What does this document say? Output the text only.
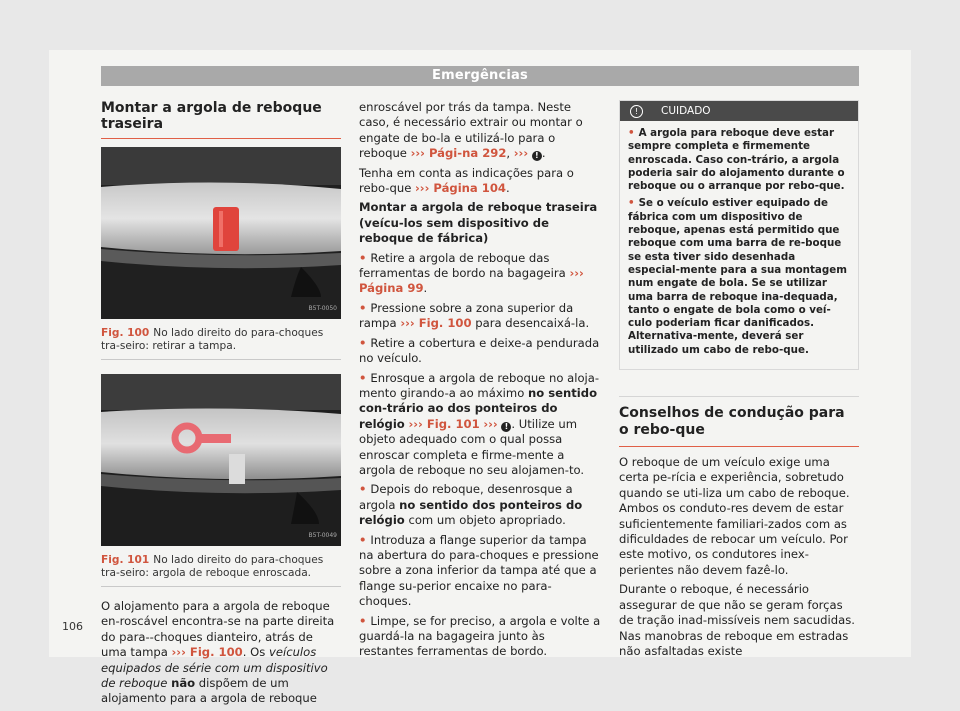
Emergências
Montar a argola de reboque traseira
B5T-0050

Fig. 100 No lado direito do para-choques tra-seiro: retirar a tampa.

B5T-0049

Fig. 101 No lado direito do para-choques tra-seiro: argola de reboque enroscada.

O alojamento para a argola de reboque en-roscável encontra-se na parte direita do para--choques dianteiro, atrás de uma tampa ››› Fig. 100. Os veículos equipados de série com um dispositivo de reboque não dispõem de um alojamento para a argola de reboque

enroscável por trás da tampa. Neste caso, é necessário extrair ou montar o engate de bo-la e utilizá-lo para o reboque ››› Pági-na 292, ››› ! .

Tenha em conta as indicações para o rebo-que ››› Página 104.

Montar a argola de reboque traseira (veícu-los sem dispositivo de reboque de fábrica)

• Retire a argola de reboque das ferramentas de bordo na bagageira ››› Página 99.

• Pressione sobre a zona superior da rampa ››› Fig. 100 para desencaixá-la.

• Retire a cobertura e deixe-a pendurada no veículo.

• Enrosque a argola de reboque no aloja-mento girando-a ao máximo no sentido con-trário ao dos ponteiros do relógio ››› Fig. 101 ››› ! . Utilize um objeto adequado com o qual possa enroscar completa e firme-mente a argola de reboque no seu alojamen-to.

• Depois do reboque, desenrosque a argola no sentido dos ponteiros do relógio com um objeto apropriado.

• Introduza a flange superior da tampa na abertura do para-choques e pressione sobre a zona inferior da tampa até que a flange su-perior encaixe no para-choques.

• Limpe, se for preciso, a argola e volte a guardá-la na bagageira junto às restantes ferramentas de bordo.

! CUIDADO

• A argola para reboque deve estar sempre completa e firmemente enroscada. Caso con-trário, a argola poderia sair do alojamento durante o reboque ou o arranque por rebo-que.

• Se o veículo estiver equipado de fábrica com um dispositivo de reboque, apenas está permitido que reboque com uma barra de re-boque se esta tiver sido desenhada especial-mente para a sua montagem num engate de bola. Se se utilizar uma barra de reboque ina-dequada, tanto o engate de bola como o veí-culo poderiam ficar danificados. Alternativa-mente, deverá ser utilizado um cabo de rebo-que.

Conselhos de condução para o rebo-que

O reboque de um veículo exige uma certa pe-rícia e experiência, sobretudo quando se uti-liza um cabo de reboque. Ambos os conduto-res devem de estar suficientemente familiari-zados com as dificuldades de rebocar um veículo. Por este motivo, os condutores inex-perientes não devem fazê-lo.

Durante o reboque, é necessário assegurar de que não se geram forças de tração inad-missíveis nem sacudidas. Nas manobras de reboque em estradas não asfaltadas existe

106
